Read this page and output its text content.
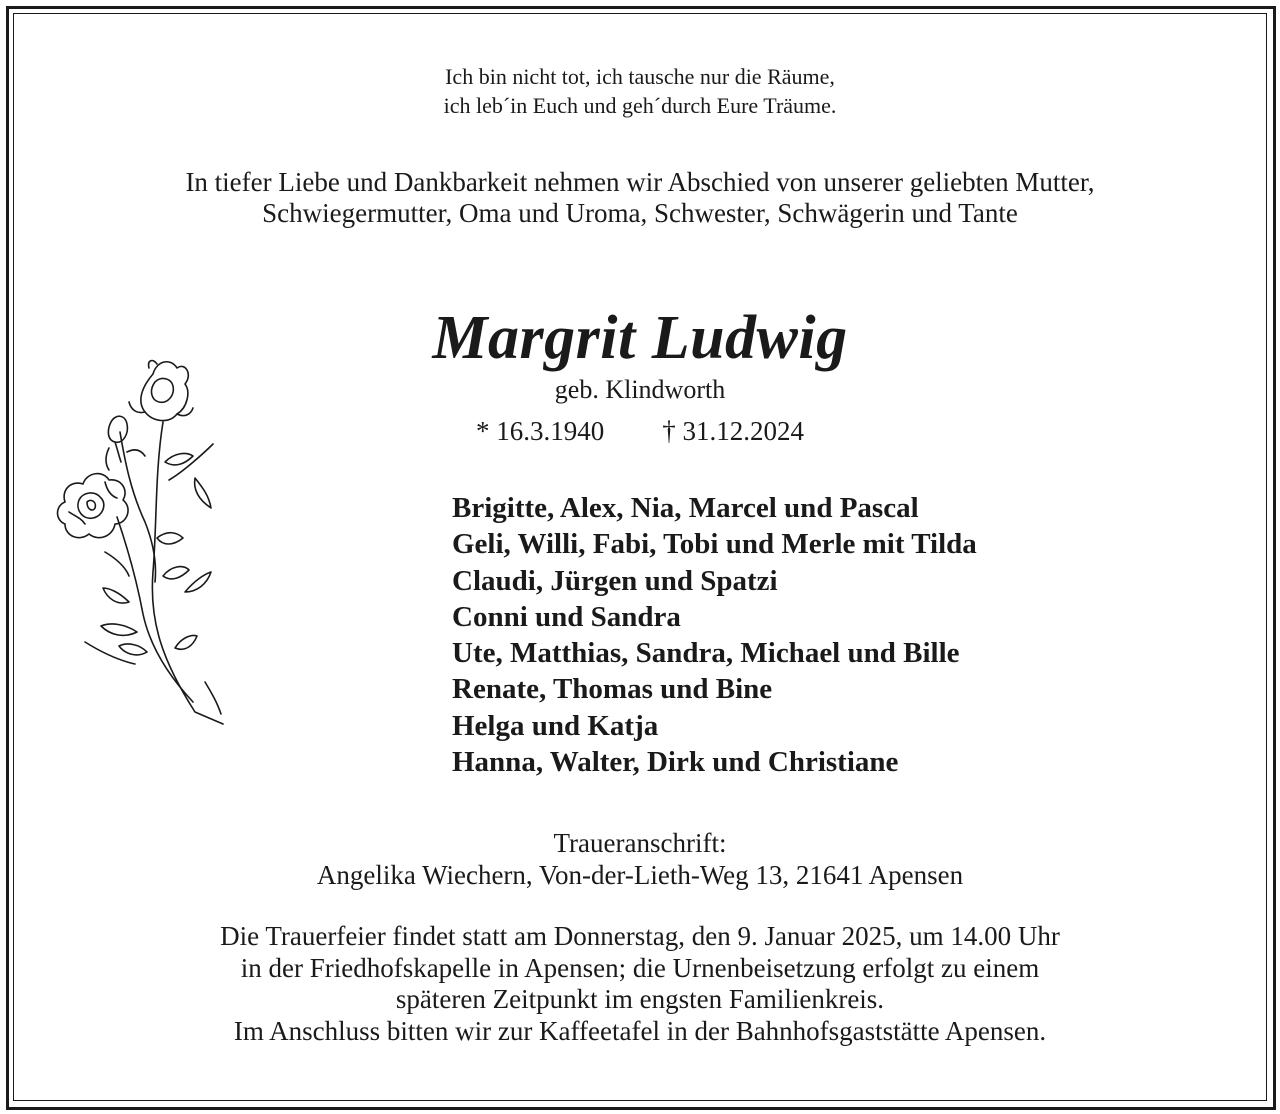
Ich bin nicht tot, ich tausche nur die Räume,
ich leb´in Euch und geh´durch Eure Träume.
In tiefer Liebe und Dankbarkeit nehmen wir Abschied von unserer geliebten Mutter,
Schwiegermutter, Oma und Uroma, Schwester, Schwägerin und Tante
Margrit Ludwig
geb. Klindworth
* 16.3.1940 † 31.12.2024
Brigitte, Alex, Nia, Marcel und Pascal
Geli, Willi, Fabi, Tobi und Merle mit Tilda
Claudi, Jürgen und Spatzi
Conni und Sandra
Ute, Matthias, Sandra, Michael und Bille
Renate, Thomas und Bine
Helga und Katja
Hanna, Walter, Dirk und Christiane
Traueranschrift:
Angelika Wiechern, Von-der-Lieth-Weg 13, 21641 Apensen
Die Trauerfeier findet statt am Donnerstag, den 9. Januar 2025, um 14.00 Uhr
in der Friedhofskapelle in Apensen; die Urnenbeisetzung erfolgt zu einem
späteren Zeitpunkt im engsten Familienkreis.
Im Anschluss bitten wir zur Kaffeetafel in der Bahnhofsgaststätte Apensen.
